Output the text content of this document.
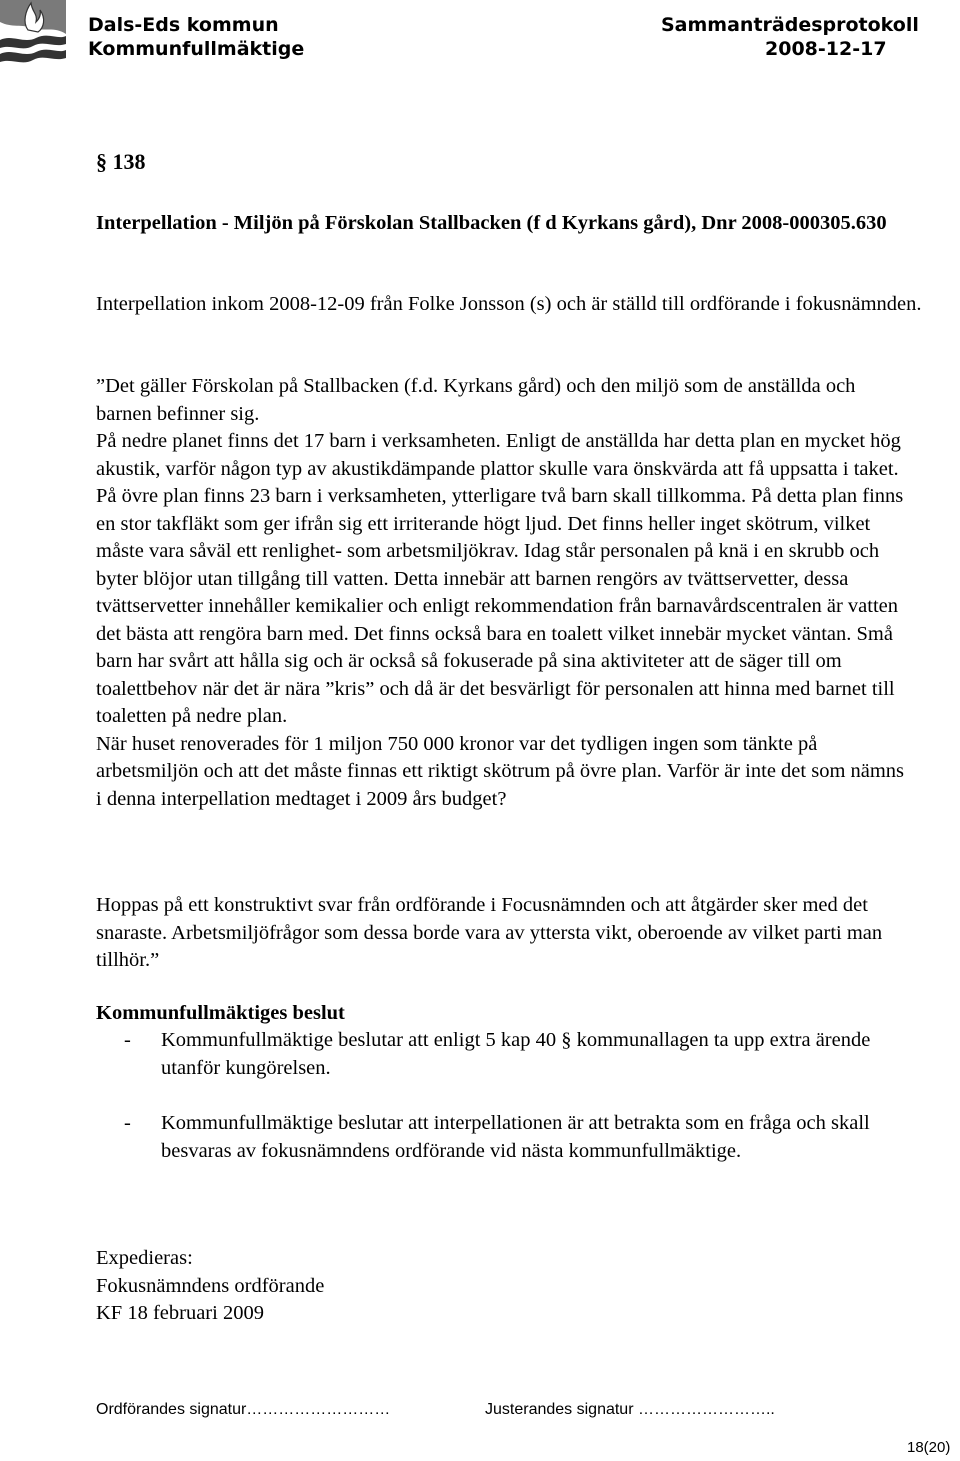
Dals-Eds kommun
Kommunfullmäktige
Sammanträdesprotokoll
2008-12-17
§ 138

Interpellation - Miljön på Förskolan Stallbacken (f d Kyrkans gård), Dnr 2008-000305.630

Interpellation inkom 2008-12-09 från Folke Jonsson (s) och är ställd till ordförande i fokusnämnden.

”Det gäller Förskolan på Stallbacken (f.d. Kyrkans gård) och den miljö som de anställda och barnen befinner sig.

På nedre planet finns det 17 barn i verksamheten. Enligt de anställda har detta plan en mycket hög akustik, varför någon typ av akustikdämpande plattor skulle vara önskvärda att få uppsatta i taket.

På övre plan finns 23 barn i verksamheten, ytterligare två barn skall tillkomma. På detta plan finns en stor takfläkt som ger ifrån sig ett irriterande högt ljud. Det finns heller inget skötrum, vilket måste vara såväl ett renlighet- som arbetsmiljökrav. Idag står personalen på knä i en skrubb och byter blöjor utan tillgång till vatten. Detta innebär att barnen rengörs av tvättservetter, dessa tvättservetter innehåller kemikalier och enligt rekommendation från barnavårdscentralen är vatten det bästa att rengöra barn med. Det finns också bara en toalett vilket innebär mycket väntan. Små barn har svårt att hålla sig och är också så fokuserade på sina aktiviteter att de säger till om toalettbehov när det är nära ”kris” och då är det besvärligt för personalen att hinna med barnet till toaletten på nedre plan.

När huset renoverades för 1 miljon 750 000 kronor var det tydligen ingen som tänkte på arbetsmiljön och att det måste finnas ett riktigt skötrum på övre plan. Varför är inte det som nämns i denna interpellation medtaget i 2009 års budget?

Hoppas på ett konstruktivt svar från ordförande i Focusnämnden och att åtgärder sker med det snaraste. Arbetsmiljöfrågor som dessa borde vara av yttersta vikt, oberoende av vilket parti man tillhör.”

Kommunfullmäktiges beslut
- Kommunfullmäktige beslutar att enligt 5 kap 40 § kommunallagen ta upp extra ärende utanför kungörelsen.

- Kommunfullmäktige beslutar att interpellationen är att betrakta som en fråga och skall besvaras av fokusnämndens ordförande vid nästa kommunfullmäktige.

Expedieras:

Fokusnämndens ordförande

KF 18 februari 2009

Ordförandes signatur………………………	Justerandes signatur ……………………..
18(20)
